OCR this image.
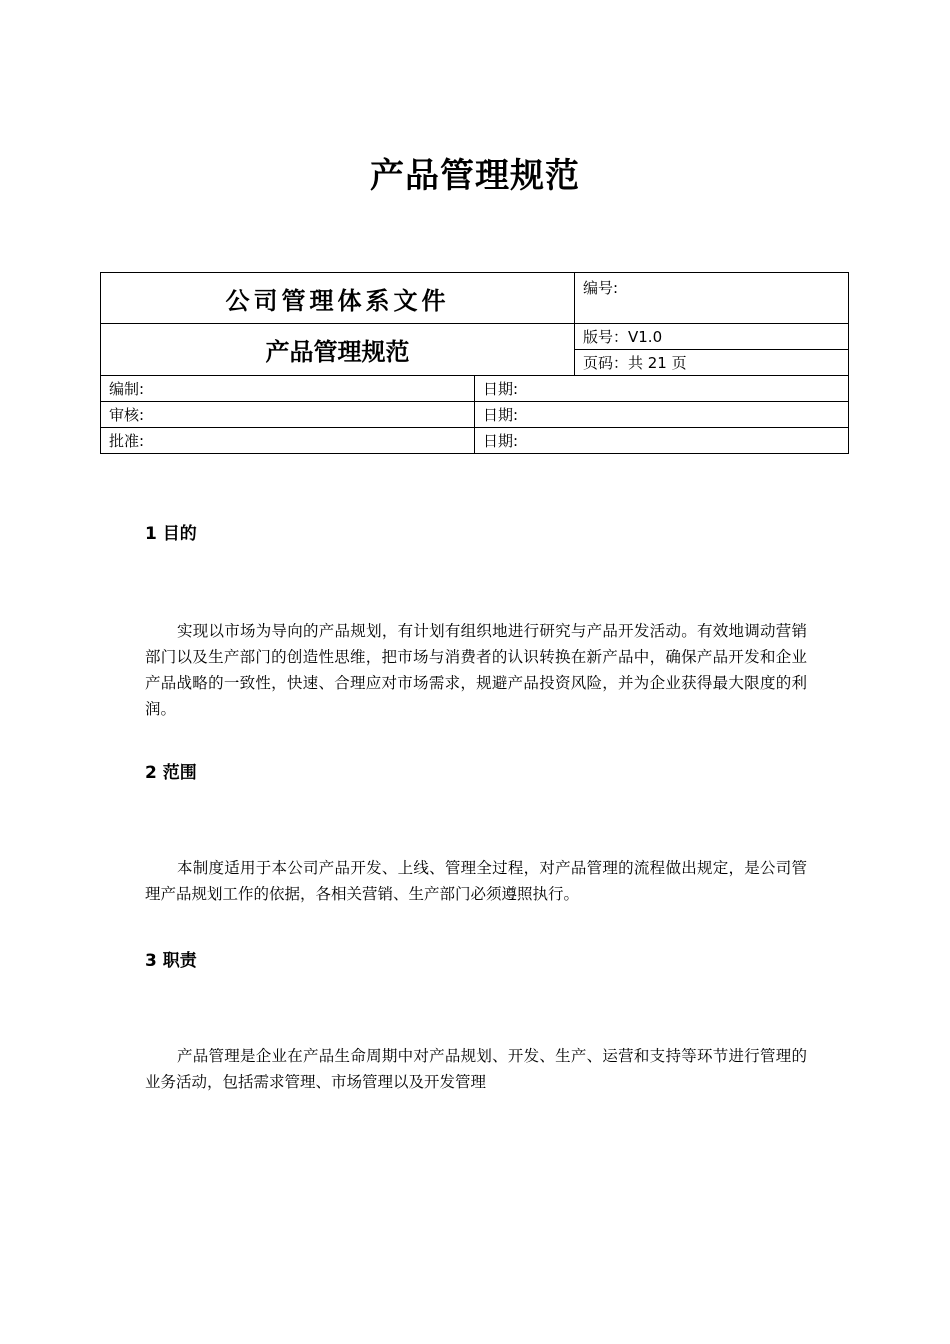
产品管理规范
公司管理体系文件		编号:
产品管理规范		版号：V1.0
		页码：共 21 页
编制:	日期:	
审核:	日期:	
批准:	日期:	
1 目的
实现以市场为导向的产品规划，有计划有组织地进行研究与产品开发活动。有效地调动营销部门以及生产部门的创造性思维，把市场与消费者的认识转换在新产品中，确保产品开发和企业产品战略的一致性，快速、合理应对市场需求，规避产品投资风险，并为企业获得最大限度的利润。
2 范围
本制度适用于本公司产品开发、上线、管理全过程，对产品管理的流程做出规定，是公司管理产品规划工作的依据，各相关营销、生产部门必须遵照执行。
3 职责
产品管理是企业在产品生命周期中对产品规划、开发、生产、运营和支持等环节进行管理的业务活动，包括需求管理、市场管理以及开发管理
